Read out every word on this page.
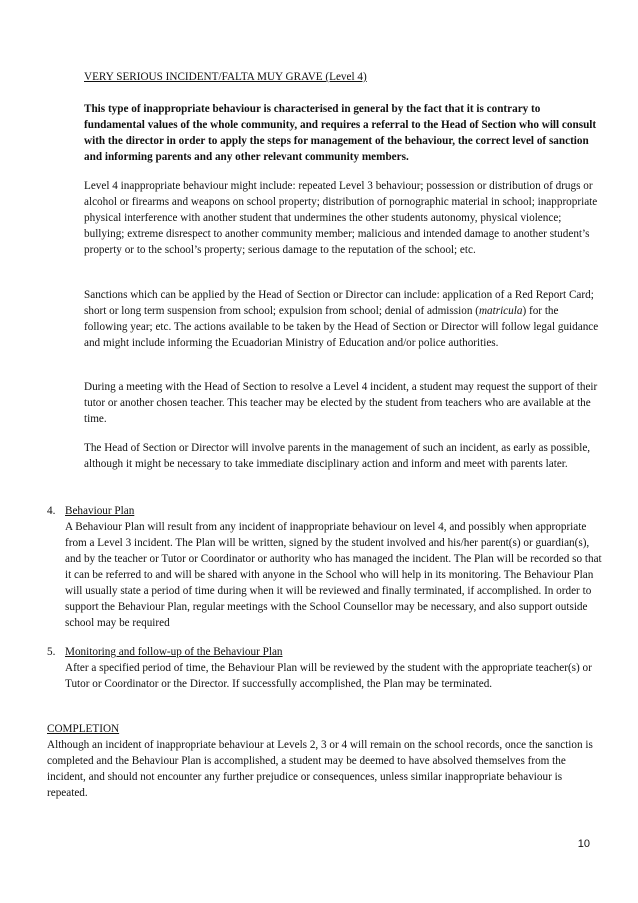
VERY SERIOUS INCIDENT/FALTA MUY GRAVE (Level 4)

This type of inappropriate behaviour is characterised in general by the fact that it is contrary to fundamental values of the whole community, and requires a referral to the Head of Section who will consult with the director in order to apply the steps for management of the behaviour, the correct level of sanction and informing parents and any other relevant community members.

Level 4 inappropriate behaviour might include: repeated Level 3 behaviour; possession or distribution of drugs or alcohol or firearms and weapons on school property; distribution of pornographic material in school; inappropriate physical interference with another student that undermines the other students autonomy, physical violence; bullying; extreme disrespect to another community member; malicious and intended damage to another student’s property or to the school’s property; serious damage to the reputation of the school; etc.

Sanctions which can be applied by the Head of Section or Director can include: application of a Red Report Card; short or long term suspension from school; expulsion from school; denial of admission (matricula) for the following year; etc. The actions available to be taken by the Head of Section or Director will follow legal guidance and might include informing the Ecuadorian Ministry of Education and/or police authorities.

During a meeting with the Head of Section to resolve a Level 4 incident, a student may request the support of their tutor or another chosen teacher. This teacher may be elected by the student from teachers who are available at the time.

The Head of Section or Director will involve parents in the management of such an incident, as early as possible, although it might be necessary to take immediate disciplinary action and inform and meet with parents later.

4. Behaviour Plan

A Behaviour Plan will result from any incident of inappropriate behaviour on level 4, and possibly when appropriate from a Level 3 incident. The Plan will be written, signed by the student involved and his/her parent(s) or guardian(s), and by the teacher or Tutor or Coordinator or authority who has managed the incident. The Plan will be recorded so that it can be referred to and will be shared with anyone in the School who will help in its monitoring. The Behaviour Plan will usually state a period of time during when it will be reviewed and finally terminated, if accomplished. In order to support the Behaviour Plan, regular meetings with the School Counsellor may be necessary, and also support outside school may be required

5. Monitoring and follow-up of the Behaviour Plan

After a specified period of time, the Behaviour Plan will be reviewed by the student with the appropriate teacher(s) or Tutor or Coordinator or the Director. If successfully accomplished, the Plan may be terminated.

COMPLETION

Although an incident of inappropriate behaviour at Levels 2, 3 or 4 will remain on the school records, once the sanction is completed and the Behaviour Plan is accomplished, a student may be deemed to have absolved themselves from the incident, and should not encounter any further prejudice or consequences, unless similar inappropriate behaviour is repeated.

10
